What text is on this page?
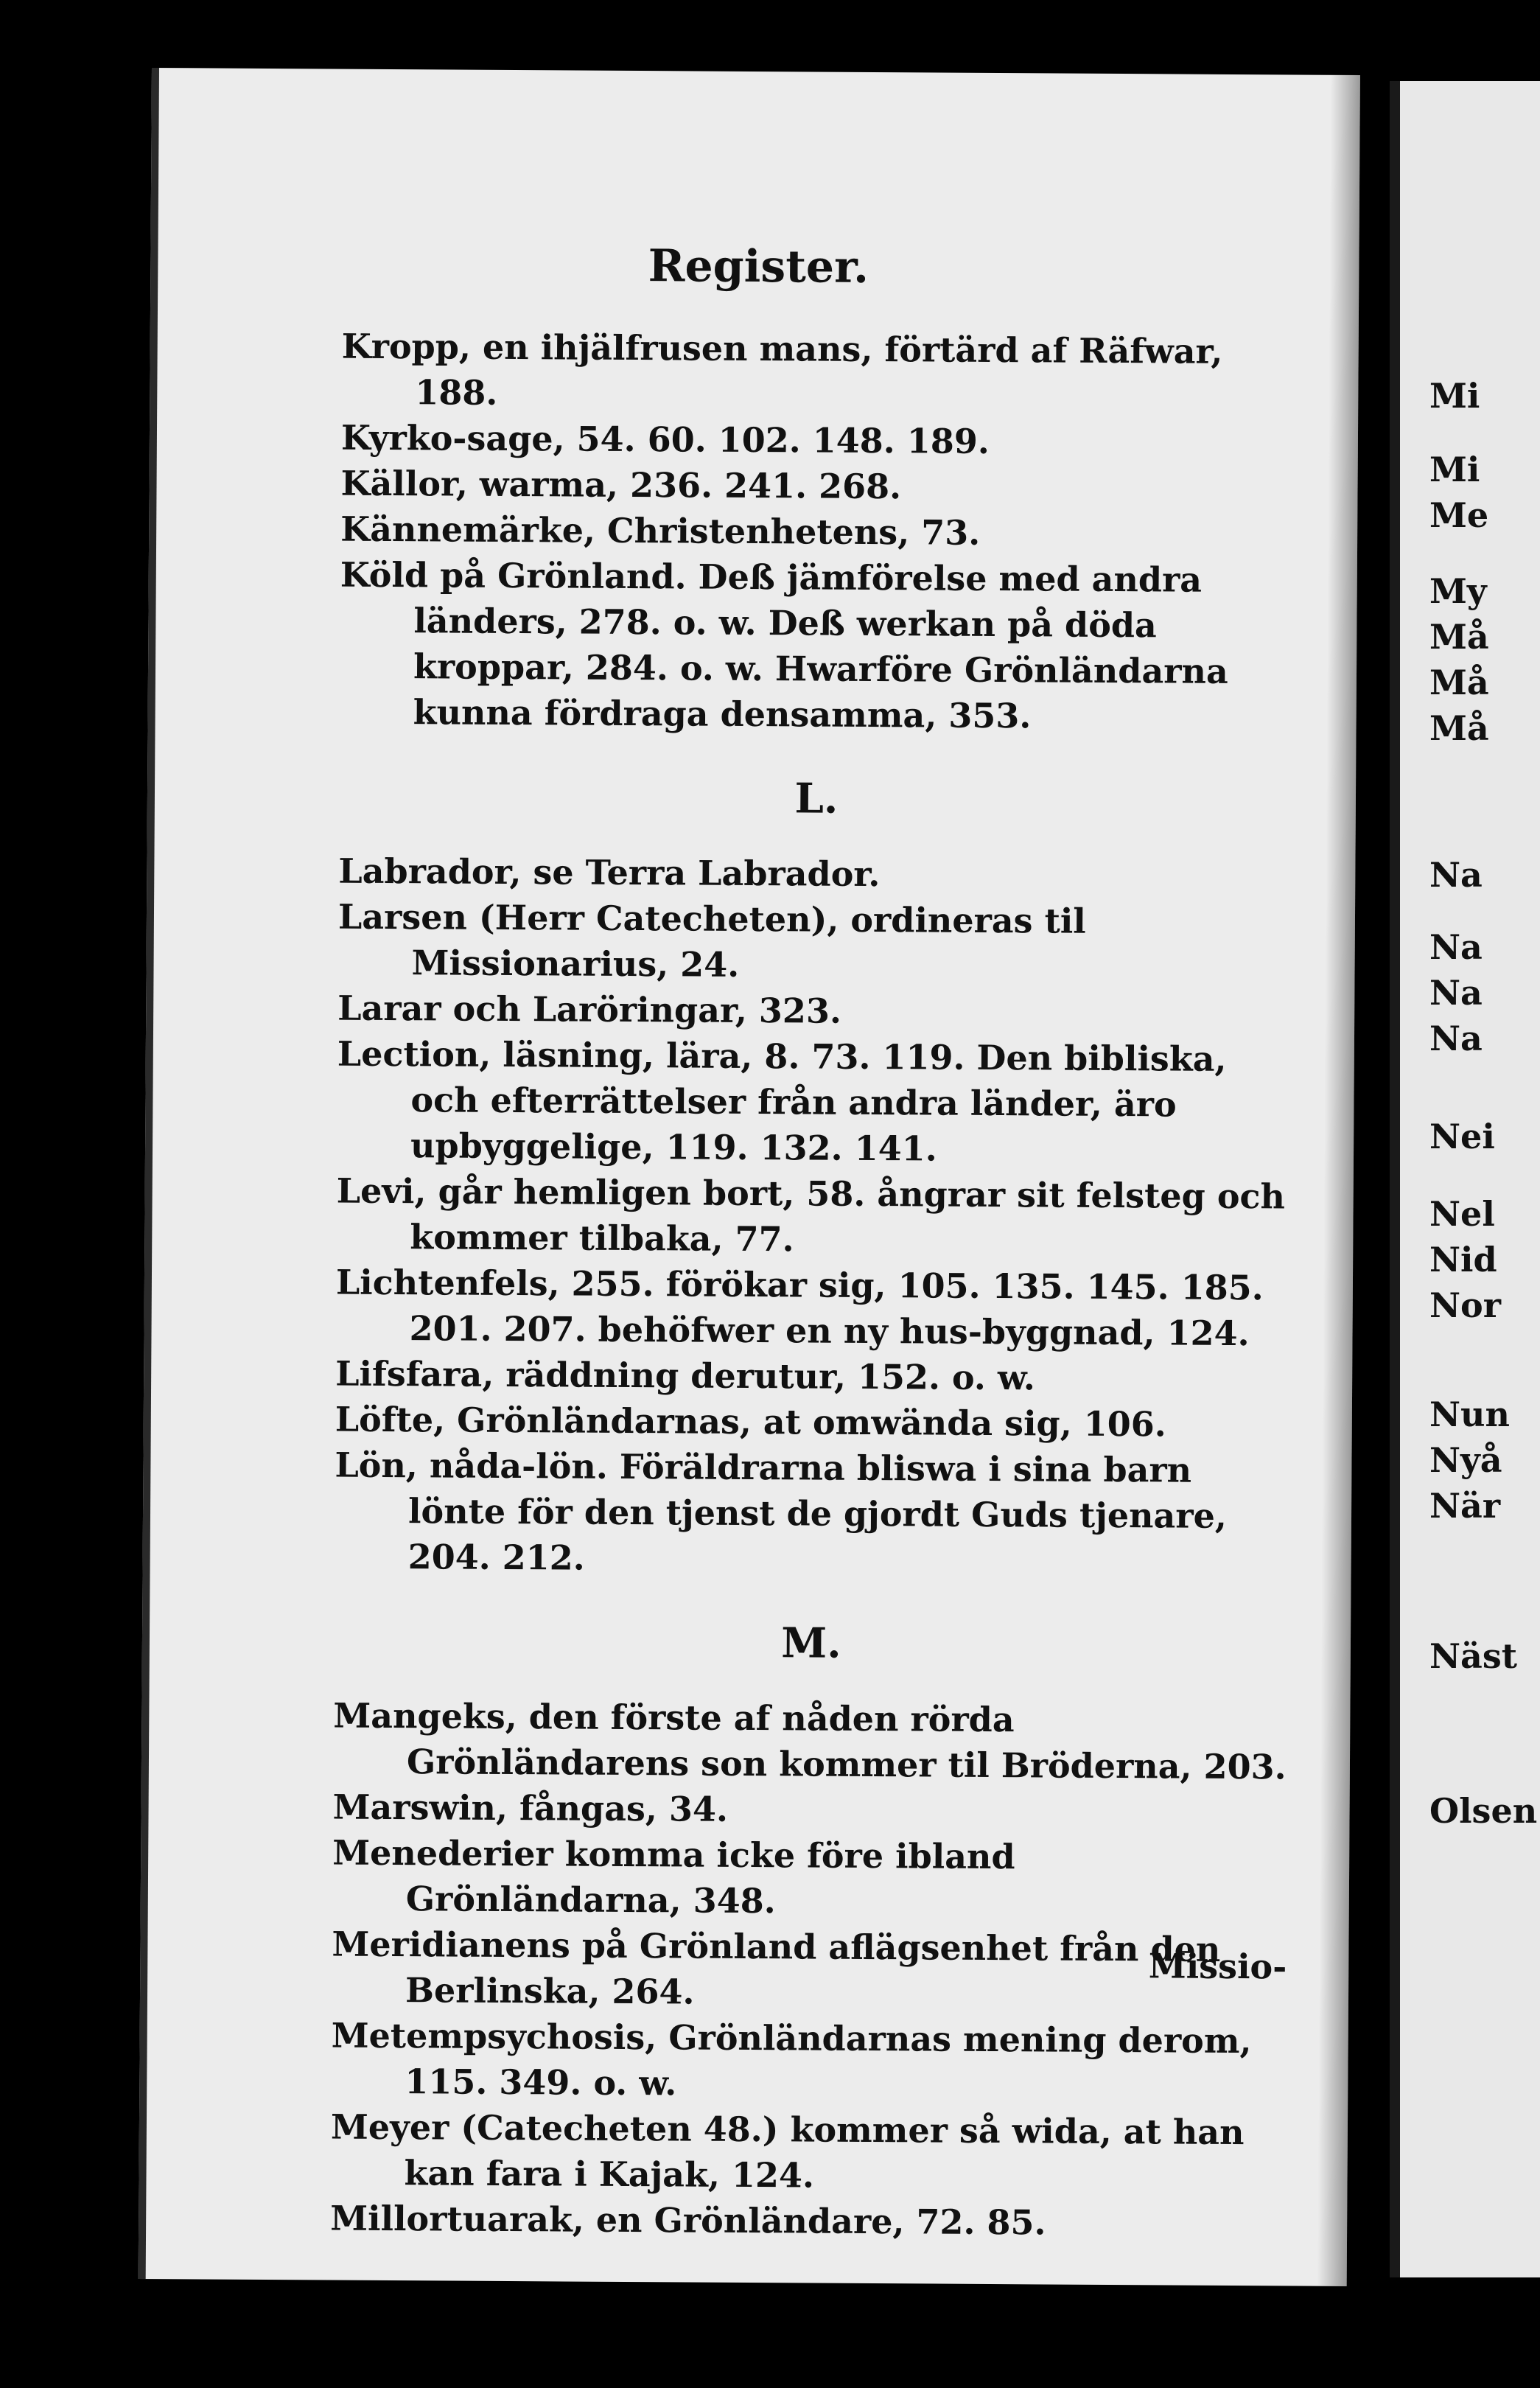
Register.

Kropp, en ihjälfrusen mans, förtärd af Räfwar, 188.

Kyrko-sage, 54. 60. 102. 148. 189.

Källor, warma, 236. 241. 268.

Kännemärke, Christenhetens, 73.

Köld på Grönland. Deß jämförelse med andra länders, 278. o. w. Deß werkan på döda kroppar, 284. o. w. Hwarföre Grönländarna kunna fördraga densamma, 353.

L.

Labrador, se Terra Labrador.

Larsen (Herr Catecheten), ordineras til Missionarius, 24.

Larar och Laröringar, 323.

Lection, läsning, lära, 8. 73. 119. Den bibliska, och efterrättelser från andra länder, äro upbyggelige, 119. 132. 141.

Levi, går hemligen bort, 58. ångrar sit felsteg och kommer tilbaka, 77.

Lichtenfels, 255. förökar sig, 105. 135. 145. 185. 201. 207. behöfwer en ny hus-byggnad, 124.

Lifsfara, räddning derutur, 152. o. w.

Löfte, Grönländarnas, at omwända sig, 106.

Lön, nåda-lön. Föräldrarna bliswa i sina barn lönte för den tjenst de gjordt Guds tjenare, 204. 212.

M.

Mangeks, den förste af nåden rörda Grönländarens son kommer til Bröderna, 203.

Marswin, fångas, 34.

Menederier komma icke före ibland Grönländarna, 348.

Meridianens på Grönland aflägsenhet från den Berlinska, 264.

Metempsychosis, Grönländarnas mening derom, 115. 349. o. w.

Meyer (Catecheten 48.) kommer så wida, at han kan fara i Kajak, 124.

Millortuarak, en Grönländare, 72. 85.

Missio-
Mi
Mi
Me
My
Må
Må
Må
Na
Na
Na
Na
Nei
Nel
Nid
Nor
Nun
Nyå
När
Näst
Olsen
